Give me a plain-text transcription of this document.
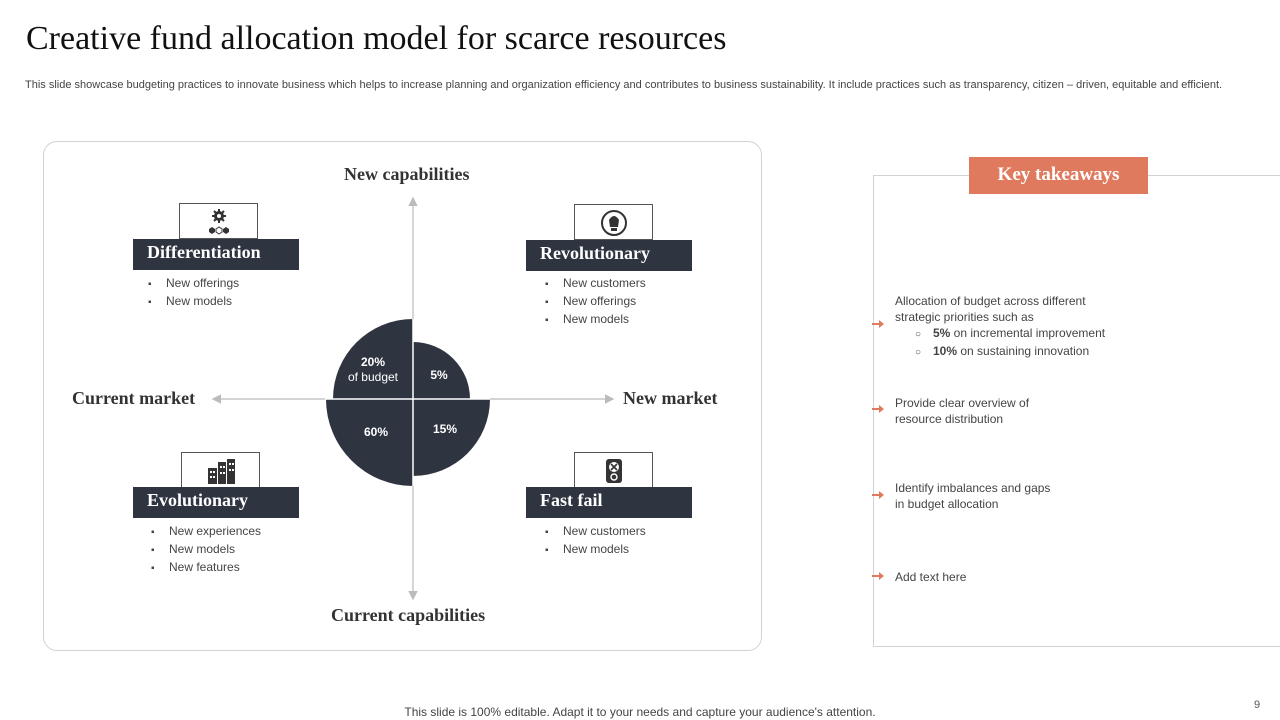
Creative fund allocation model for scarce resources
This slide showcase budgeting practices to innovate business which helps to increase planning and organization efficiency and contributes to business sustainability. It include practices such as transparency, citizen – driven, equitable and efficient.
20%
of budget	5%
60%	15%
New capabilities
Current capabilities
Current market	New market
Differentiation
▪ New offerings
▪ New models
Revolutionary
▪ New customers
▪ New offerings
▪ New models
Evolutionary
▪ New experiences
▪ New models
▪ New features
Fast fail
▪ New customers
▪ New models
Key takeaways
Allocation of budget across different
strategic priorities such as
○ 5% on incremental improvement
○ 10% on sustaining innovation
Provide clear overview of
resource distribution
Identify imbalances and gaps
in budget allocation
Add text here
This slide is 100% editable. Adapt it to your needs and capture your audience's attention.	9
